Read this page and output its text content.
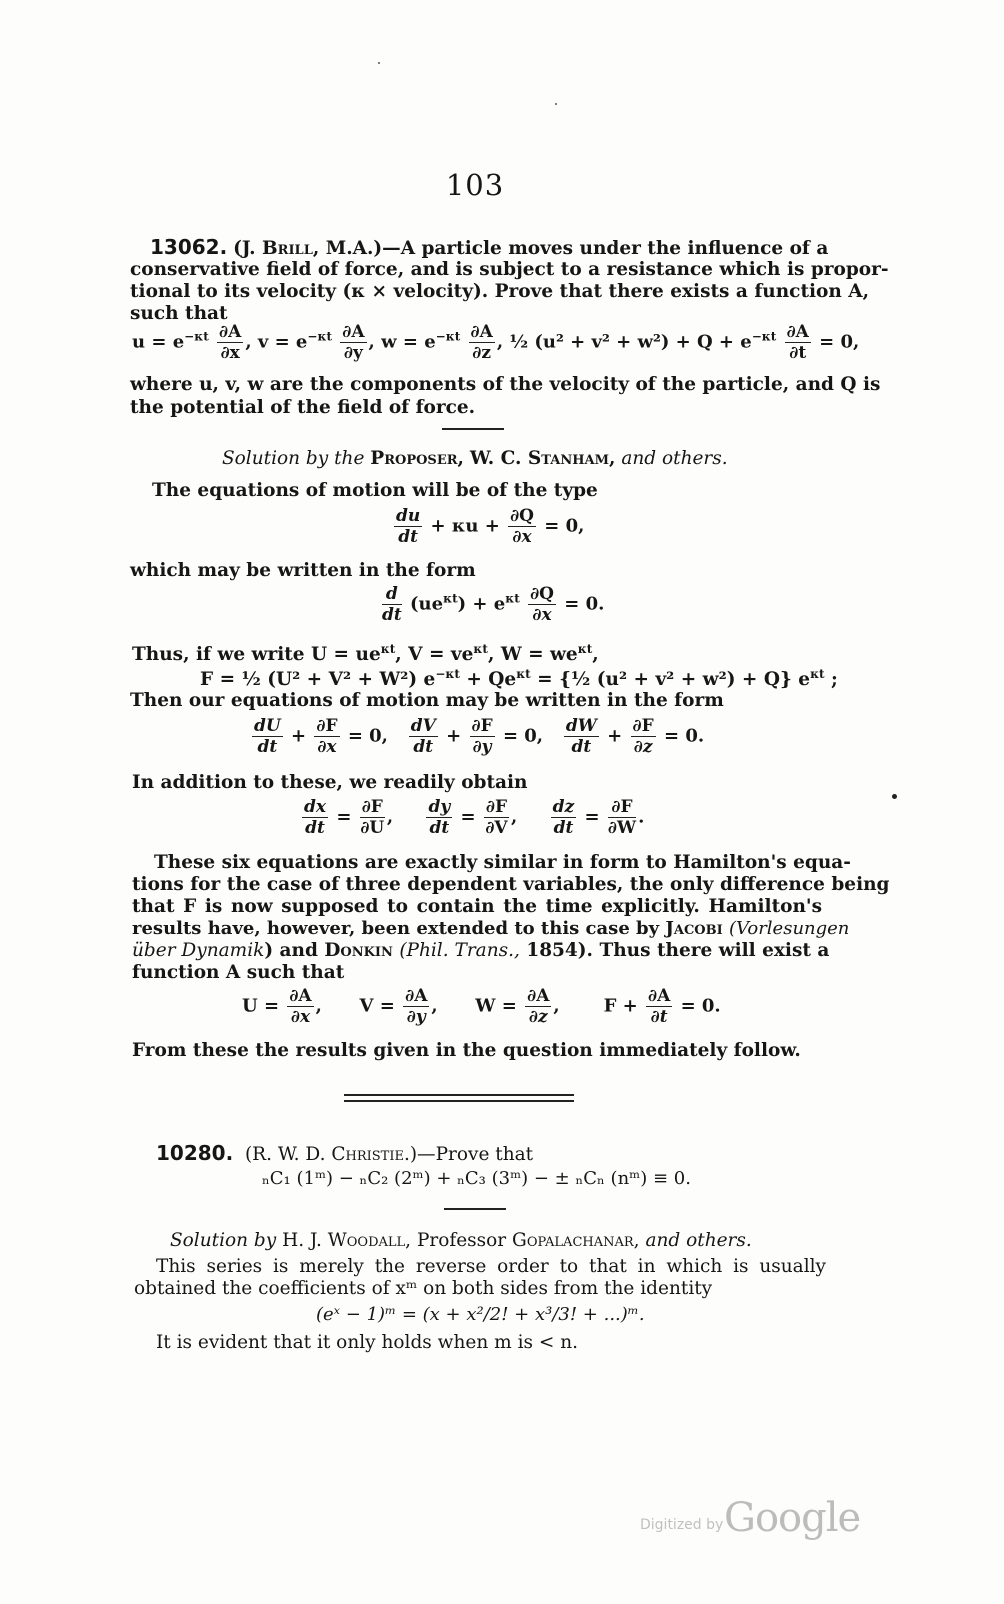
103
13062. (J. Brill, M.A.)—A particle moves under the influence of a
conservative field of force, and is subject to a resistance which is propor-
tional to its velocity (κ × velocity). Prove that there exists a function A,
such that
$u = e^{-\kappa t} \frac{\partial A}{\partial x}$ , $v = e^{-\kappa t} \frac{\partial A}{\partial y}$ , $w = e^{-\kappa t} \frac{\partial A}{\partial z}$ , ½ $(u^2 + v^2 + w^2) + Q + e^{-\kappa t} \frac{\partial A}{\partial t} = 0$,
where u, v, w are the components of the velocity of the particle, and Q is
the potential of the field of force.
Solution by the Proposer, W. C. Stanham, and others.
The equations of motion will be of the type
$\frac{du}{dt} + \kappa u + \frac{\partial Q}{\partial x} = 0$,
which may be written in the form
$\frac{d}{dt} (ue^{\kappa t}) + e^{\kappa t} \frac{\partial Q}{\partial x} = 0$.
Thus, if we write $U = ue^{\kappa t}$, $V = ve^{\kappa t}$, $W = we^{\kappa t}$,
F = ½ (U² + V² + W²) $e^{-\kappa t} + Qe^{\kappa t}$ = {½ (u² + v² + w²) + Q} $e^{\kappa t}$ ;
Then our equations of motion may be written in the form
$\frac{dU}{dt} + \frac{\partial F}{\partial x} = 0$, $\frac{dV}{dt} + \frac{\partial F}{\partial y} = 0$, $\frac{dW}{dt} + \frac{\partial F}{\partial z} = 0$.
In addition to these, we readily obtain
$\frac{dx}{dt} = \frac{\partial F}{\partial U}$ , $\frac{dy}{dt} = \frac{\partial F}{\partial V}$ , $\frac{dz}{dt} = \frac{\partial F}{\partial W}$ .
These six equations are exactly similar in form to Hamilton's equa-
tions for the case of three dependent variables, the only difference being
that F is now supposed to contain the time explicitly. Hamilton's
results have, however, been extended to this case by Jacobi (Vorlesungen
über Dynamik) and Donkin (Phil. Trans., 1854). Thus there will exist a
function A such that
$U = \frac{\partial A}{\partial x}$ , $V = \frac{\partial A}{\partial y}$ , $W = \frac{\partial A}{\partial z}$ , $F + \frac{\partial A}{\partial t} = 0$.
From these the results given in the question immediately follow.
10280. (R. W. D. Christie.)—Prove that
ₙC₁ (1ᵐ) − ₙC₂ (2ᵐ) + ₙC₃ (3ᵐ) − ± ₙCₙ (nᵐ) ≡ 0.
Solution by H. J. Woodall, Professor Gopalachanar, and others.
This series is merely the reverse order to that in which is usually
obtained the coefficients of xᵐ on both sides from the identity
(eˣ − 1)ᵐ = (x + x²/2! + x³/3! + ...)ᵐ.
It is evident that it only holds when m is < n.
Digitized by Google
